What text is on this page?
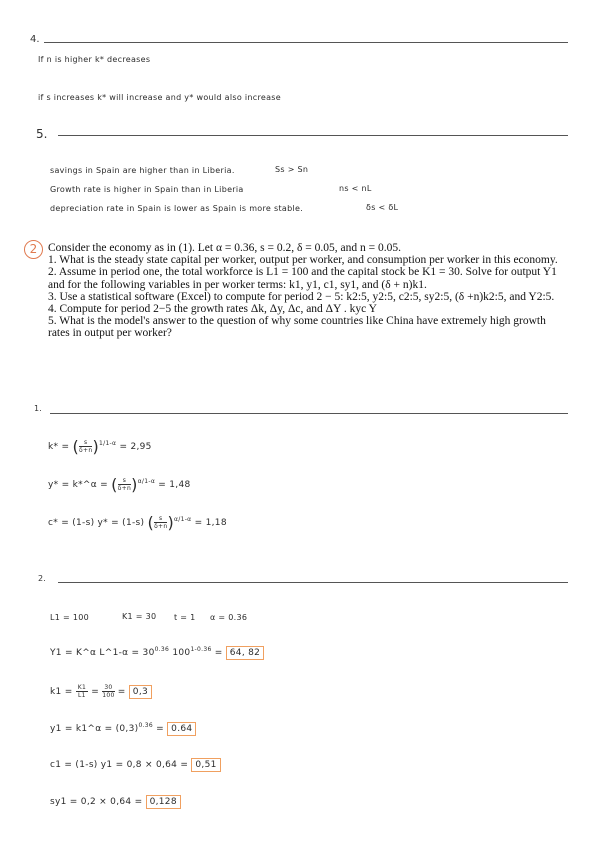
4.
If n is higher k* decreases
if s increases k* will increase and y* would also increase
5.
savings in Spain are higher than in Liberia.	Ss > Sn
Growth rate is higher in Spain than in Liberia	ns < nL
depreciation rate in Spain is lower as Spain is more stable.	δs < δL
2 Consider the economy as in (1). Let α = 0.36, s = 0.2, δ = 0.05, and n = 0.05.
1. What is the steady state capital per worker, output per worker, and consumption per worker in this economy.
2. Assume in period one, the total workforce is L1 = 100 and the capital stock be K1 = 30. Solve for output Y1 and for the following variables in per worker terms: k1, y1, c1, sy1, and (δ + n)k1.
3. Use a statistical software (Excel) to compute for period 2 − 5: k2:5, y2:5, c2:5, sy2:5, (δ +n)k2:5, and Y2:5.
4. Compute for period 2−5 the growth rates Δk, Δy, Δc, and ΔY . kyc Y
5. What is the model's answer to the question of why some countries like China have extremely high growth rates in output per worker?
1.
k* = ( $\frac{s}{\delta+n})^{1/1-\alpha} = 2,95$
y* = k*^α = ( $\frac{s}{\delta+n})^{\alpha/1-\alpha} = 1,48$
c* = (1-s) y* = (1-s) ( $\frac{s}{\delta+n})^{\alpha/1-\alpha} = 1,18$
2.
L1 = 100	K1 = 30 t = 1 α = 0.36
Y1 = K^α L^1-α = $30^{0.36}$ $100^{1-0.36} = 64$, 82
$k1 = \frac{K1}{L1} = \frac{30}{100} = 0,3$
y1 = k1^α = $(0,3)^{0.36} = 0.64$
c1 = (1-s) y1 = 0,8 × 0,64 = 0,51
sy1 = 0,2 × 0,64 = 0,128
